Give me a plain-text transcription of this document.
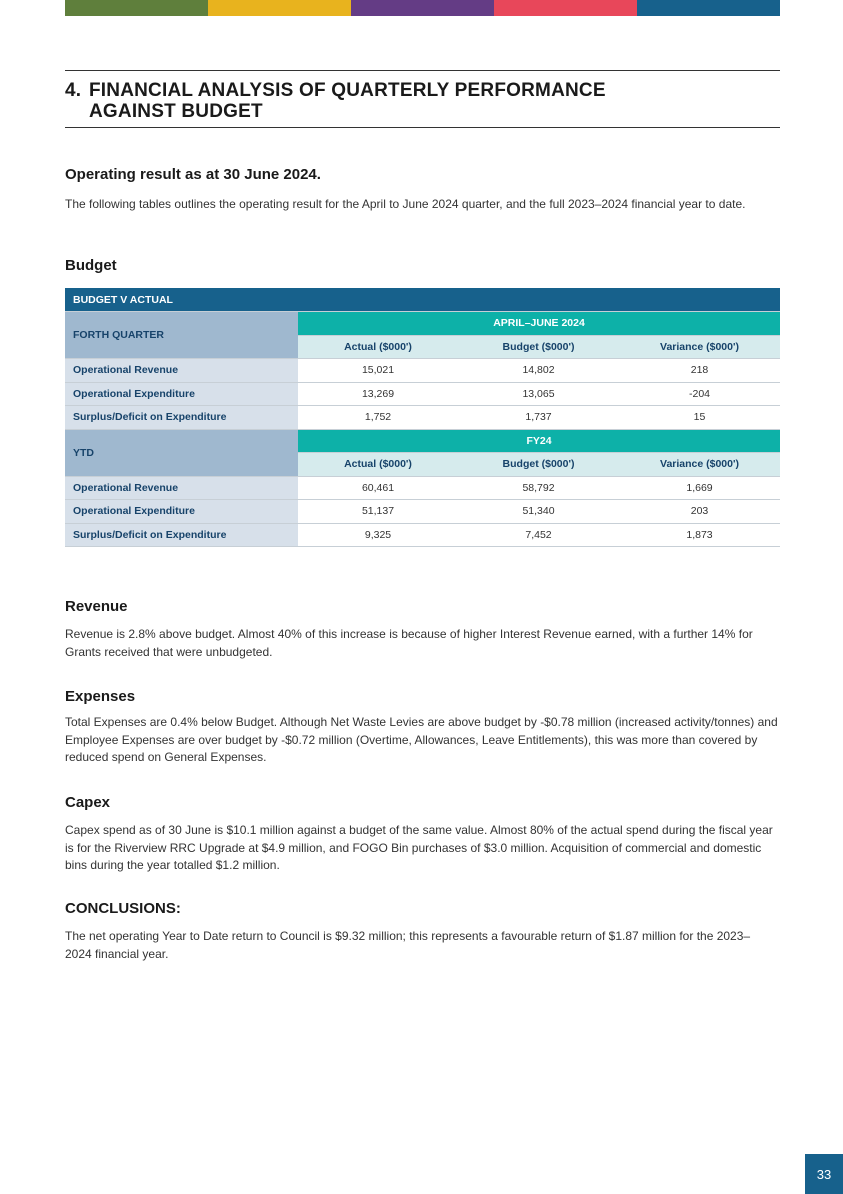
4. FINANCIAL ANALYSIS OF QUARTERLY PERFORMANCE
AGAINST BUDGET
Operating result as at 30 June 2024.

The following tables outlines the operating result for the April to June 2024 quarter, and the full 2023–2024 financial year to date.

Budget
BUDGET V ACTUAL			
FORTH QUARTER	APRIL–JUNE 2024		
	Actual ($000')	Budget ($000')	Variance ($000')
Operational Revenue	15,021	14,802	218
Operational Expenditure	13,269	13,065	-204
Surplus/Deficit on Expenditure	1,752	1,737	15
YTD	FY24		
	Actual ($000')	Budget ($000')	Variance ($000')
Operational Revenue	60,461	58,792	1,669
Operational Expenditure	51,137	51,340	203
Surplus/Deficit on Expenditure	9,325	7,452	1,873
Revenue

Revenue is 2.8% above budget. Almost 40% of this increase is because of higher Interest Revenue earned, with a further 14% for Grants received that were unbudgeted.

Expenses

Total Expenses are 0.4% below Budget. Although Net Waste Levies are above budget by -$0.78 million (increased activity/tonnes) and Employee Expenses are over budget by -$0.72 million (Overtime, Allowances, Leave Entitlements), this was more than covered by reduced spend on General Expenses.

Capex

Capex spend as of 30 June is $10.1 million against a budget of the same value. Almost 80% of the actual spend during the fiscal year is for the Riverview RRC Upgrade at $4.9 million, and FOGO Bin purchases of $3.0 million. Acquisition of commercial and domestic bins during the year totalled $1.2 million.

CONCLUSIONS:

The net operating Year to Date return to Council is $9.32 million; this represents a favourable return of $1.87 million for the 2023–2024 financial year.

33
